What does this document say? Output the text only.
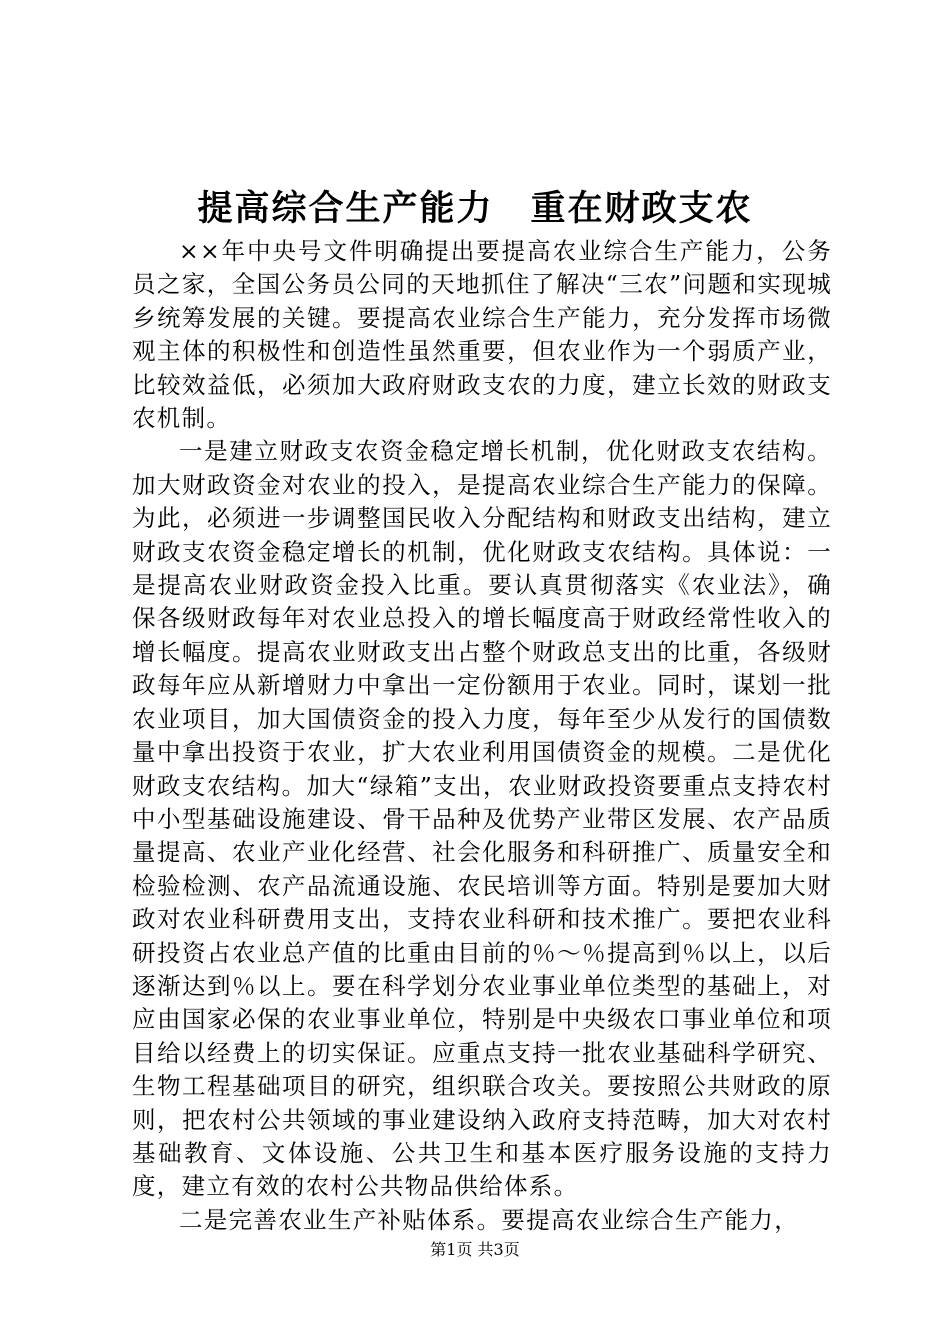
提高综合生产能力　重在财政支农

××年中央号文件明确提出要提高农业综合生产能力，公务员之家，全国公务员公同的天地抓住了解决“三农”问题和实现城乡统筹发展的关键。要提高农业综合生产能力，充分发挥市场微观主体的积极性和创造性虽然重要，但农业作为一个弱质产业，比较效益低，必须加大政府财政支农的力度，建立长效的财政支农机制。

一是建立财政支农资金稳定增长机制，优化财政支农结构。加大财政资金对农业的投入，是提高农业综合生产能力的保障。为此，必须进一步调整国民收入分配结构和财政支出结构，建立财政支农资金稳定增长的机制，优化财政支农结构。具体说：一是提高农业财政资金投入比重。要认真贯彻落实《农业法》，确保各级财政每年对农业总投入的增长幅度高于财政经常性收入的增长幅度。提高农业财政支出占整个财政总支出的比重，各级财政每年应从新增财力中拿出一定份额用于农业。同时，谋划一批农业项目，加大国债资金的投入力度，每年至少从发行的国债数量中拿出投资于农业，扩大农业利用国债资金的规模。二是优化财政支农结构。加大“绿箱”支出，农业财政投资要重点支持农村中小型基础设施建设、骨干品种及优势产业带区发展、农产品质量提高、农业产业化经营、社会化服务和科研推广、质量安全和检验检测、农产品流通设施、农民培训等方面。特别是要加大财政对农业科研费用支出，支持农业科研和技术推广。要把农业科研投资占农业总产值的比重由目前的％～％提高到％以上，以后逐渐达到％以上。要在科学划分农业事业单位类型的基础上，对应由国家必保的农业事业单位，特别是中央级农口事业单位和项目给以经费上的切实保证。应重点支持一批农业基础科学研究、生物工程基础项目的研究，组织联合攻关。要按照公共财政的原则，把农村公共领域的事业建设纳入政府支持范畴，加大对农村基础教育、文体设施、公共卫生和基本医疗服务设施的支持力度，建立有效的农村公共物品供给体系。

二是完善农业生产补贴体系。要提高农业综合生产能力，

第1页 共3页
